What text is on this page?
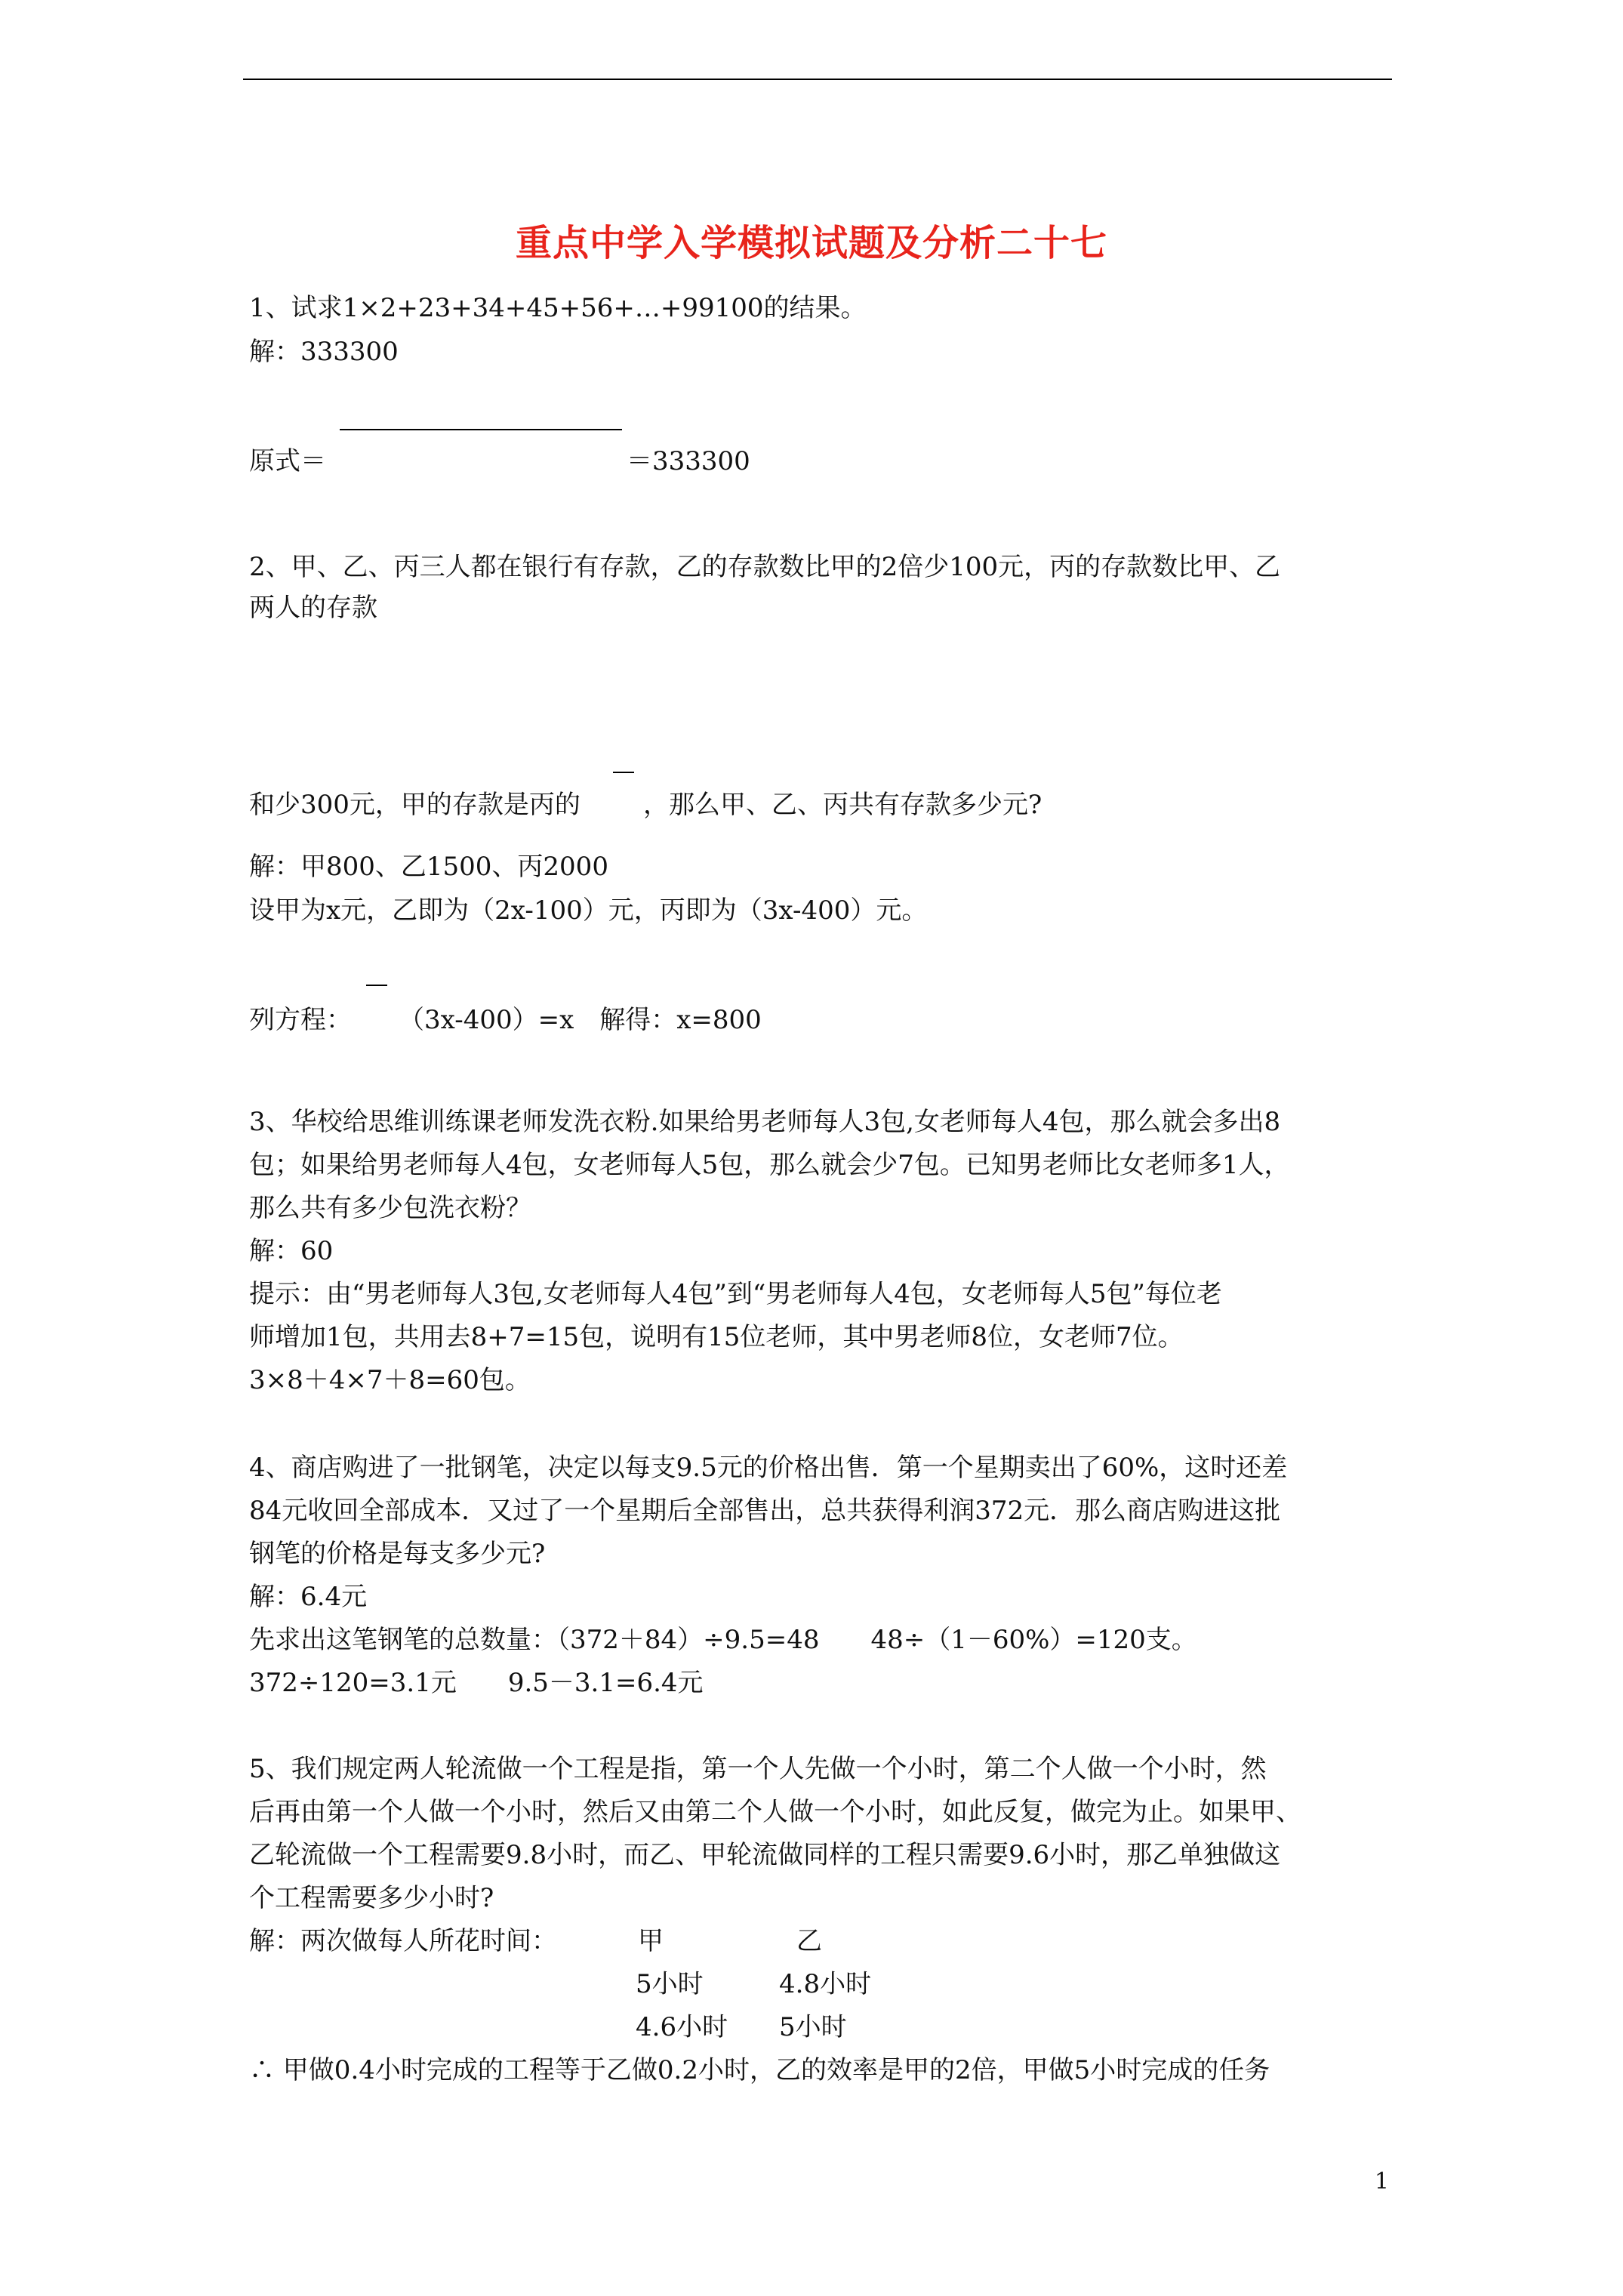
重点中学入学模拟试题及分析二十七
1、试求1×2+23+34+45+56+…+99100的结果。
解：333300
原式＝	＝333300
2、甲、乙、丙三人都在银行有存款，乙的存款数比甲的2倍少100元，丙的存款数比甲、乙
两人的存款
和少300元，甲的存款是丙的 ，那么甲、乙、丙共有存款多少元?
解：甲800、乙1500、丙2000
设甲为x元，乙即为（2x-100）元，丙即为（3x-400）元。
列方程： （3x-400）=x　解得：x=800
3、华校给思维训练课老师发洗衣粉.如果给男老师每人3包,女老师每人4包，那么就会多出8
包；如果给男老师每人4包，女老师每人5包，那么就会少7包。已知男老师比女老师多1人，
那么共有多少包洗衣粉？
解：60
提示：由“男老师每人3包,女老师每人4包”到“男老师每人4包，女老师每人5包”每位老
师增加1包，共用去8+7=15包，说明有15位老师，其中男老师8位，女老师7位。
3×8＋4×7＋8=60包。
4、商店购进了一批钢笔，决定以每支9.5元的价格出售．第一个星期卖出了60%，这时还差
84元收回全部成本．又过了一个星期后全部售出，总共获得利润372元．那么商店购进这批
钢笔的价格是每支多少元?
解：6.4元
先求出这笔钢笔的总数量：（372＋84）÷9.5=48　　48÷（1－60%）=120支。
372÷120=3.1元　　9.5－3.1=6.4元
5、我们规定两人轮流做一个工程是指，第一个人先做一个小时，第二个人做一个小时，然
后再由第一个人做一个小时，然后又由第二个人做一个小时，如此反复，做完为止。如果甲、
乙轮流做一个工程需要9.8小时，而乙、甲轮流做同样的工程只需要9.6小时，那乙单独做这
个工程需要多少小时?
解：两次做每人所花时间：	甲	乙
5小时	4.8小时
4.6小时 5小时
∴ 甲做0.4小时完成的工程等于乙做0.2小时，乙的效率是甲的2倍，甲做5小时完成的任务
1
